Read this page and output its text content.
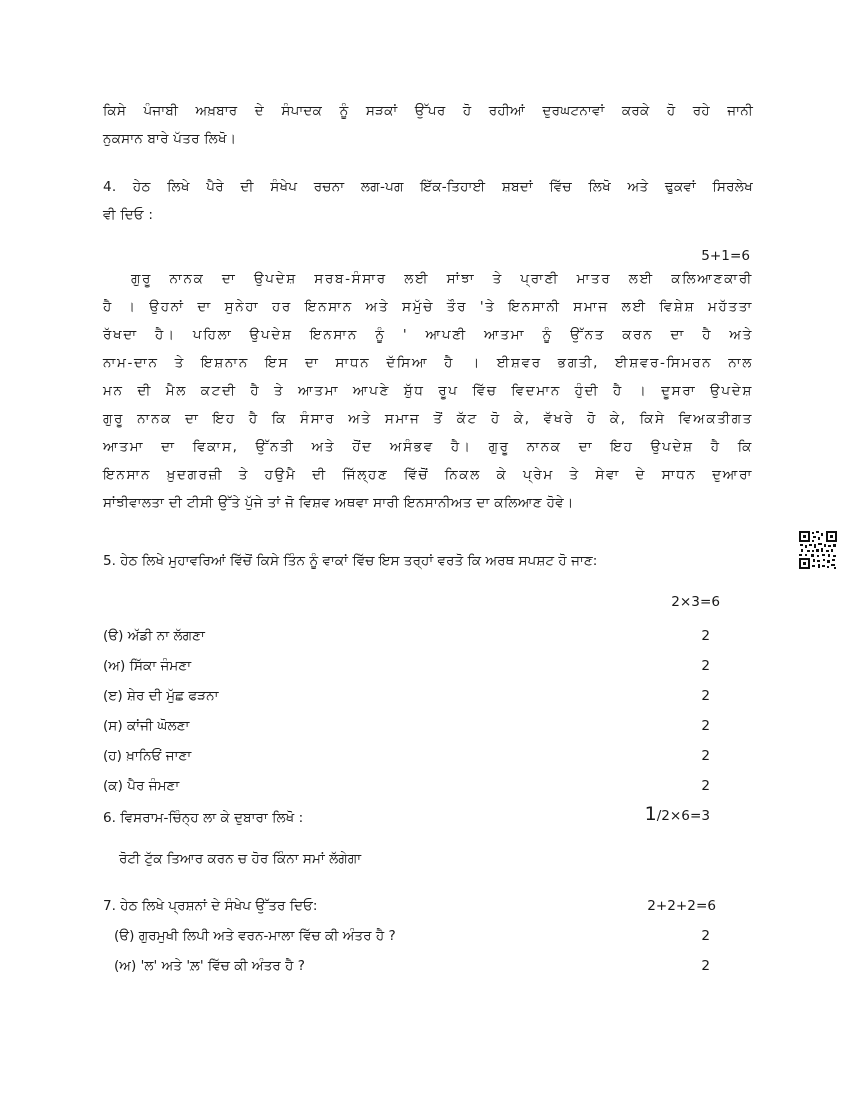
ਕਿਸੇ ਪੰਜਾਬੀ ਅਖ਼ਬਾਰ ਦੇ ਸੰਪਾਦਕ ਨੂੰ ਸੜਕਾਂ ਉੱਪਰ ਹੋ ਰਹੀਆਂ ਦੁਰਘਟਨਾਵਾਂ ਕਰਕੇ ਹੋ ਰਹੇ ਜਾਨੀ
ਨੁਕਸਾਨ ਬਾਰੇ ਪੱਤਰ ਲਿਖੋ।
4. ਹੇਠ ਲਿਖੇ ਪੈਰੇ ਦੀ ਸੰਖੇਪ ਰਚਨਾ ਲਗ-ਪਗ ਇੱਕ-ਤਿਹਾਈ ਸ਼ਬਦਾਂ ਵਿੱਚ ਲਿਖੋ ਅਤੇ ਢੁਕਵਾਂ ਸਿਰਲੇਖ
ਵੀ ਦਿਓ :
5+1=6
ਗੁਰੂ ਨਾਨਕ ਦਾ ਉਪਦੇਸ਼ ਸਰਬ-ਸੰਸਾਰ ਲਈ ਸਾਂਝਾ ਤੇ ਪ੍ਰਾਣੀ ਮਾਤਰ ਲਈ ਕਲਿਆਣਕਾਰੀ
ਹੈ । ਉਹਨਾਂ ਦਾ ਸੁਨੇਹਾ ਹਰ ਇਨਸਾਨ ਅਤੇ ਸਮੁੱਚੇ ਤੌਰ 'ਤੇ ਇਨਸਾਨੀ ਸਮਾਜ ਲਈ ਵਿਸ਼ੇਸ਼ ਮਹੱਤਤਾ
ਰੱਖਦਾ ਹੈ। ਪਹਿਲਾ ਉਪਦੇਸ਼ ਇਨਸਾਨ ਨੂੰ ' ਆਪਣੀ ਆਤਮਾ ਨੂੰ ਉੱਨਤ ਕਰਨ ਦਾ ਹੈ ਅਤੇ
ਨਾਮ-ਦਾਨ ਤੇ ਇਸ਼ਨਾਨ ਇਸ ਦਾ ਸਾਧਨ ਦੱਸਿਆ ਹੈ । ਈਸ਼ਵਰ ਭਗਤੀ, ਈਸ਼ਵਰ-ਸਿਮਰਨ ਨਾਲ
ਮਨ ਦੀ ਮੈਲ ਕਟਦੀ ਹੈ ਤੇ ਆਤਮਾ ਆਪਣੇ ਸ਼ੁੱਧ ਰੂਪ ਵਿੱਚ ਵਿਦਮਾਨ ਹੁੰਦੀ ਹੈ । ਦੂਸਰਾ ਉਪਦੇਸ਼
ਗੁਰੂ ਨਾਨਕ ਦਾ ਇਹ ਹੈ ਕਿ ਸੰਸਾਰ ਅਤੇ ਸਮਾਜ ਤੋਂ ਕੱਟ ਹੋ ਕੇ, ਵੱਖਰੇ ਹੋ ਕੇ, ਕਿਸੇ ਵਿਅਕਤੀਗਤ
ਆਤਮਾ ਦਾ ਵਿਕਾਸ, ਉੱਨਤੀ ਅਤੇ ਹੋਂਦ ਅਸੰਭਵ ਹੈ। ਗੁਰੂ ਨਾਨਕ ਦਾ ਇਹ ਉਪਦੇਸ਼ ਹੈ ਕਿ
ਇਨਸਾਨ ਖ਼ੁਦਗਰਜ਼ੀ ਤੇ ਹਉਮੈ ਦੀ ਜਿੱਲ੍ਹਣ ਵਿੱਚੋਂ ਨਿਕਲ ਕੇ ਪ੍ਰੇਮ ਤੇ ਸੇਵਾ ਦੇ ਸਾਧਨ ਦੁਆਰਾ
ਸਾਂਝੀਵਾਲਤਾ ਦੀ ਟੀਸੀ ਉੱਤੇ ਪੁੱਜੇ ਤਾਂ ਜੋ ਵਿਸ਼ਵ ਅਥਵਾ ਸਾਰੀ ਇਨਸਾਨੀਅਤ ਦਾ ਕਲਿਆਣ ਹੋਵੇ।
5. ਹੇਠ ਲਿਖੇ ਮੁਹਾਵਰਿਆਂ ਵਿੱਚੋਂ ਕਿਸੇ ਤਿੰਨ ਨੂੰ ਵਾਕਾਂ ਵਿੱਚ ਇਸ ਤਰ੍ਹਾਂ ਵਰਤੋ ਕਿ ਅਰਥ ਸਪਸ਼ਟ ਹੋ ਜਾਣ:
2×3=6
(ੳ) ਅੱਡੀ ਨਾ ਲੱਗਣਾ	2
(ਅ) ਸਿੱਕਾ ਜੰਮਣਾ	2
(ੲ) ਸ਼ੇਰ ਦੀ ਮੁੱਛ ਫੜਨਾ	2
(ਸ) ਕਾਂਜੀ ਘੋਲਣਾ	2
(ਹ) ਖ਼ਾਨਿਓਂ ਜਾਣਾ	2
(ਕ) ਪੈਰ ਜੰਮਣਾ	2
6. ਵਿਸਰਾਮ-ਚਿੰਨ੍ਹ ਲਾ ਕੇ ਦੁਬਾਰਾ ਲਿਖੋ :	1/2×6=3
ਰੋਟੀ ਟੁੱਕ ਤਿਆਰ ਕਰਨ ਚ ਹੋਰ ਕਿੰਨਾ ਸਮਾਂ ਲੱਗੇਗਾ
7. ਹੇਠ ਲਿਖੇ ਪ੍ਰਸ਼ਨਾਂ ਦੇ ਸੰਖੇਪ ਉੱਤਰ ਦਿਓ:	2+2+2=6
(ੳ) ਗੁਰਮੁਖੀ ਲਿਪੀ ਅਤੇ ਵਰਨ-ਮਾਲਾ ਵਿੱਚ ਕੀ ਅੰਤਰ ਹੈ ?	2
(ਅ) 'ਲ' ਅਤੇ 'ਲ਼' ਵਿੱਚ ਕੀ ਅੰਤਰ ਹੈ ?	2
